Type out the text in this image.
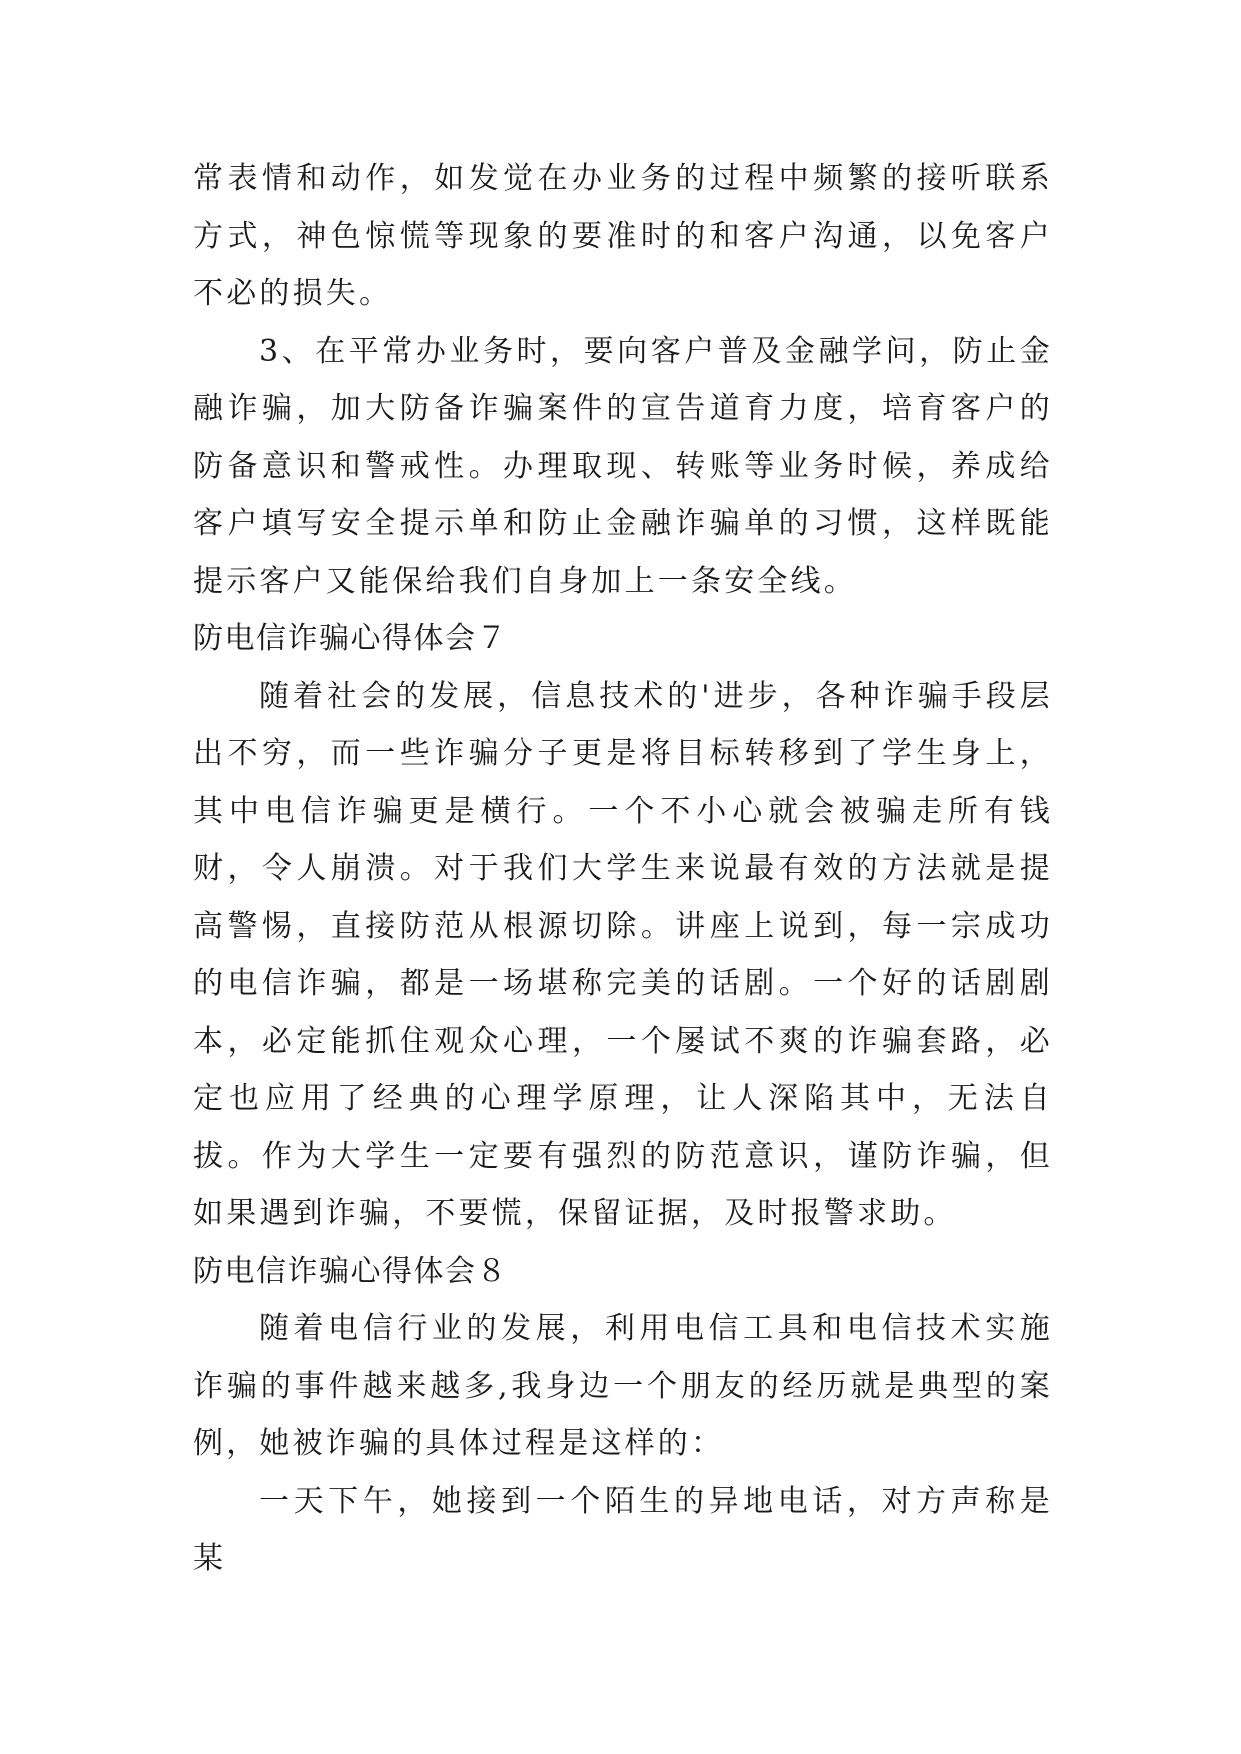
常表情和动作，如发觉在办业务的过程中频繁的接听联系方式，神色惊慌等现象的要准时的和客户沟通，以免客户不必的损失。

3、在平常办业务时，要向客户普及金融学问，防止金融诈骗，加大防备诈骗案件的宣告道育力度，培育客户的防备意识和警戒性。办理取现、转账等业务时候，养成给客户填写安全提示单和防止金融诈骗单的习惯，这样既能提示客户又能保给我们自身加上一条安全线。

防电信诈骗心得体会７

随着社会的发展，信息技术的'进步，各种诈骗手段层出不穷，而一些诈骗分子更是将目标转移到了学生身上，其中电信诈骗更是横行。一个不小心就会被骗走所有钱财，令人崩溃。对于我们大学生来说最有效的方法就是提高警惕，直接防范从根源切除。讲座上说到，每一宗成功的电信诈骗，都是一场堪称完美的话剧。一个好的话剧剧本，必定能抓住观众心理，一个屡试不爽的诈骗套路，必定也应用了经典的心理学原理，让人深陷其中，无法自拔。作为大学生一定要有强烈的防范意识，谨防诈骗，但如果遇到诈骗，不要慌，保留证据，及时报警求助。

防电信诈骗心得体会８

随着电信行业的发展，利用电信工具和电信技术实施诈骗的事件越来越多,我身边一个朋友的经历就是典型的案例，她被诈骗的具体过程是这样的：

一天下午，她接到一个陌生的异地电话，对方声称是某
